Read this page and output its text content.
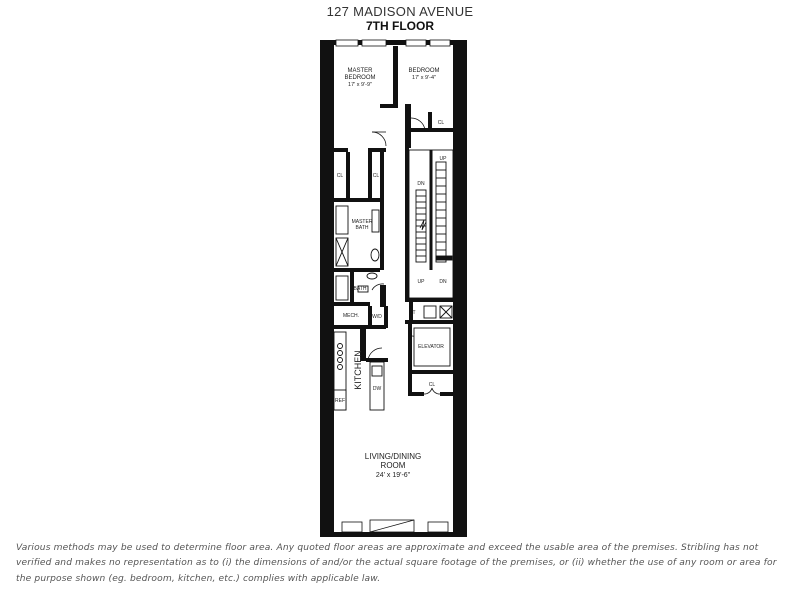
127 MADISON AVENUE
7TH FLOOR
MASTER
BEDROOM
17' x 9'-9"
BEDROOM
17' x 9'-4"
MASTER
BATH
BATH
MECH.	W/D
KITCHEN
ELEVATOR
LIVING/DINING
ROOM
24' x 19'-6"
CL
CL	CL
CL
T
REF
DW
UP
DN
UP	DN
Various methods may be used to determine floor area. Any quoted floor areas are approximate and exceed the usable area of the premises. Stribling has not verified and makes no representation as to (i) the dimensions of and/or the actual square footage of the premises, or (ii) whether the use of any room or area for the purpose shown (eg. bedroom, kitchen, etc.) complies with applicable law.
